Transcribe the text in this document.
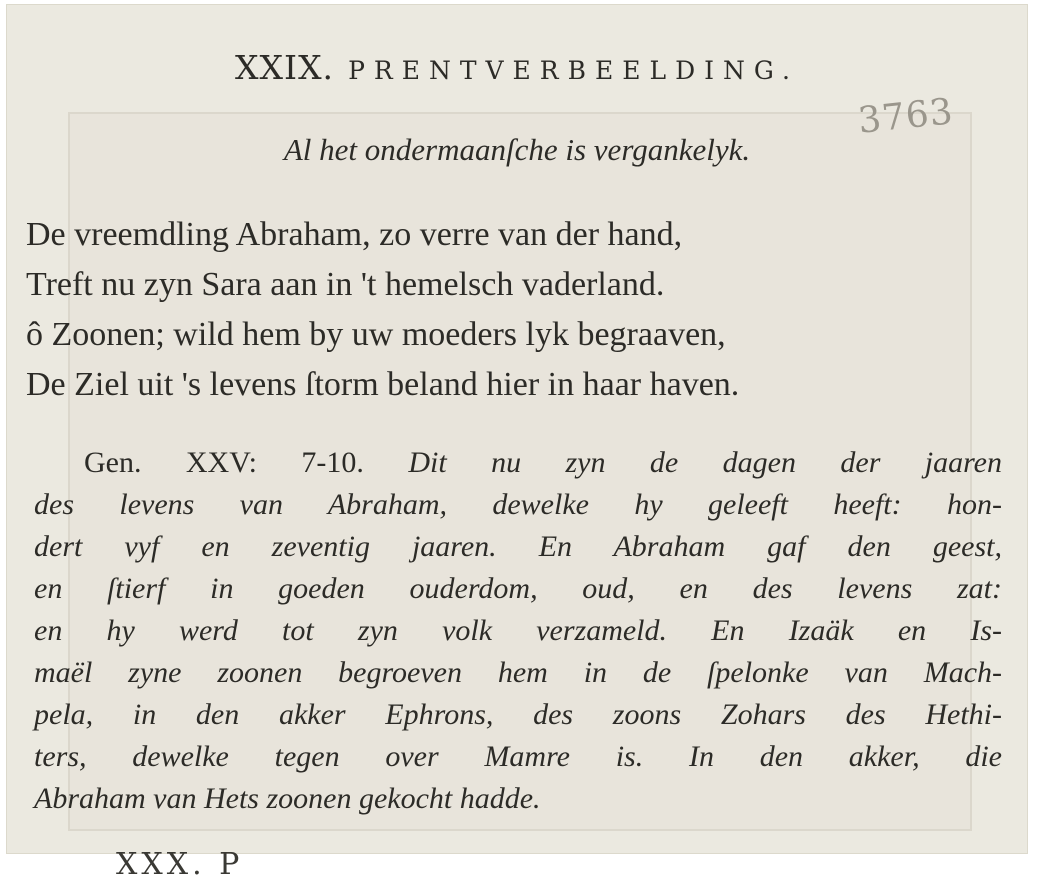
XXIX. PRENTVERBEELDING.
3763
Al het ondermaanſche is vergankelyk.
De vreemdling Abraham, zo verre van der hand,
Treft nu zyn Sara aan in 't hemelsch vaderland.
ô Zoonen; wild hem by uw moeders lyk begraaven,
De Ziel uit 's levens ſtorm beland hier in haar haven.
Gen. XXV: 7-10. Dit nu zyn de dagen der jaaren
des levens van Abraham, dewelke hy geleeft heeft: hon-
dert vyf en zeventig jaaren. En Abraham gaf den geest,
en ſtierf in goeden ouderdom, oud, en des levens zat:
en hy werd tot zyn volk verzameld. En Izaäk en Is-
maël zyne zoonen begroeven hem in de ſpelonke van Mach-
pela, in den akker Ephrons, des zoons Zohars des Hethi-
ters, dewelke tegen over Mamre is. In den akker, die
Abraham van Hets zoonen gekocht hadde.
XXX. P
